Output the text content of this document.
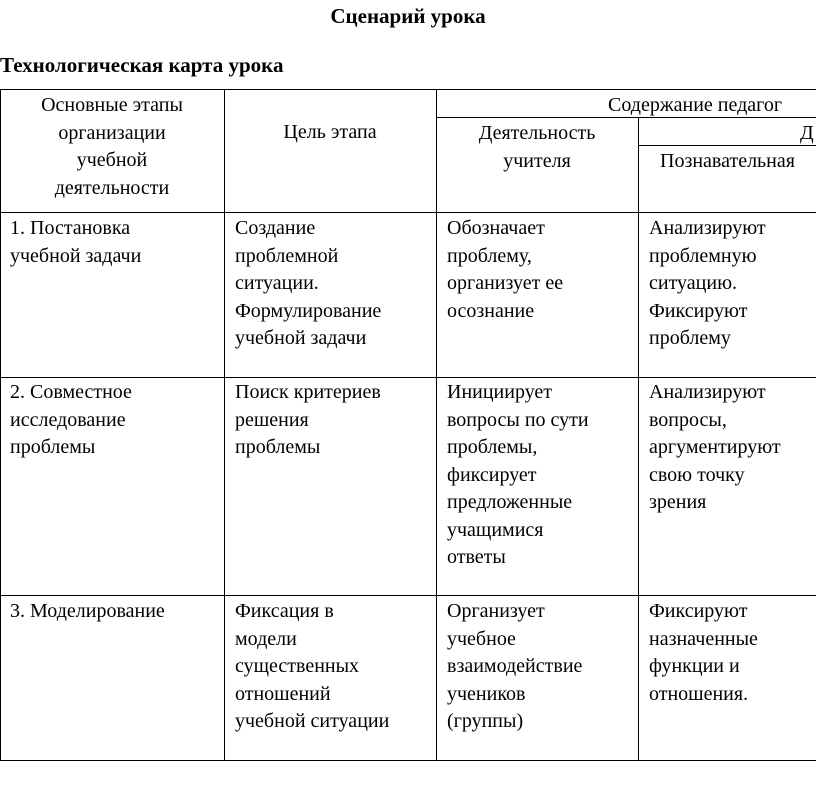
Сценарий урока
Технологическая карта урока
Основные этапы
организации
учебной
деятельности
Цель этапа
Содержание педагог
Деятельность
учителя
Д
Познавательная
1. Постановка
учебной задачи
Создание
проблемной
ситуации.
Формулирование
учебной задачи
Обозначает
проблему,
организует ее
осознание
Анализируют
проблемную
ситуацию.
Фиксируют
проблему
2. Совместное
исследование
проблемы
Поиск критериев
решения
проблемы
Инициирует
вопросы по сути
проблемы,
фиксирует
предложенные
учащимися
ответы
Анализируют
вопросы,
аргументируют
свою точку
зрения
3. Моделирование	Фиксация в
модели
существенных
отношений
учебной ситуации
Организует
учебное
взаимодействие
учеников
(группы)
Фиксируют
назначенные
функции и
отношения.
